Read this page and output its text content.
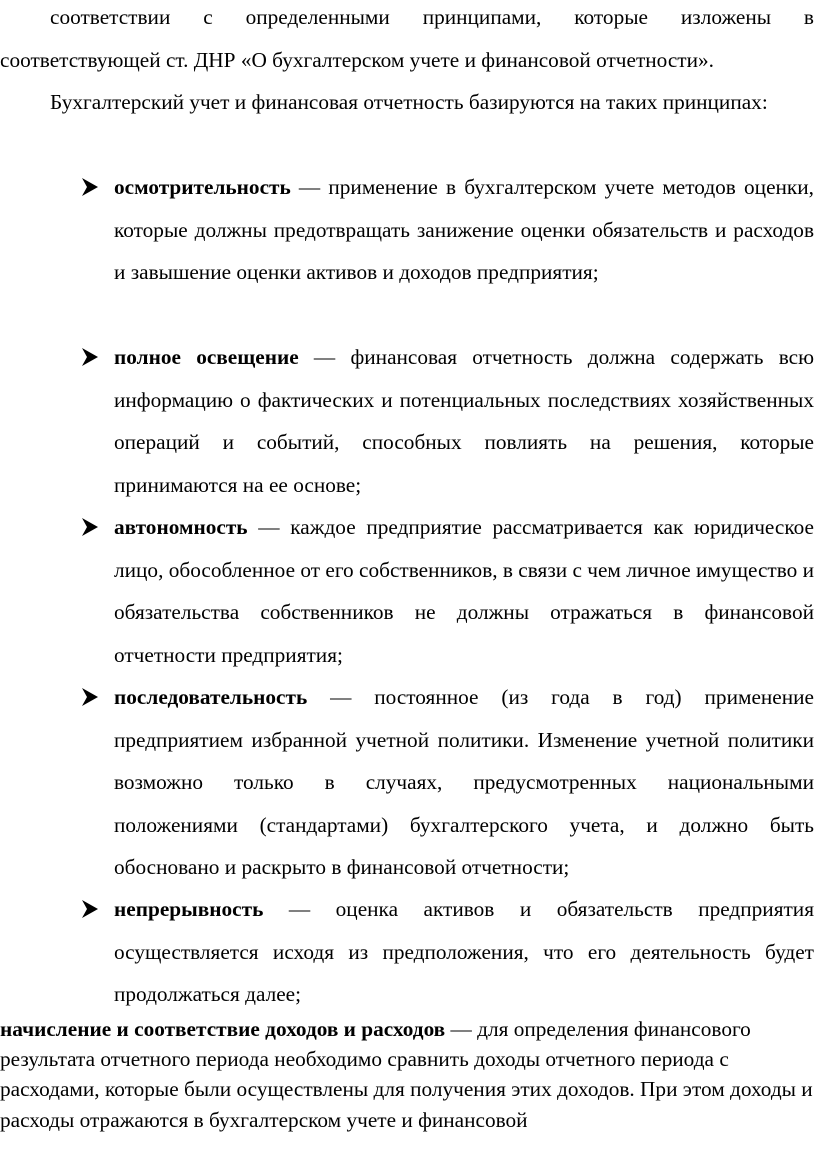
соответствии с определенными принципами, которые изложены в соответствующей ст. ДНР «О бухгалтерском учете и финансовой отчетности».

Бухгалтерский учет и финансовая отчетность базируются на таких принципах:

осмотрительность — применение в бухгалтерском учете методов оценки, которые должны предотвращать занижение оценки обязательств и расходов и завышение оценки активов и доходов предприятия;

полное освещение — финансовая отчетность должна содержать всю информацию о фактических и потенциальных последствиях хозяйственных операций и событий, способных повлиять на решения, которые принимаются на ее основе;

автономность — каждое предприятие рассматривается как юридическое лицо, обособленное от его собственников, в связи с чем личное имущество и обязательства собственников не должны отражаться в финансовой отчетности предприятия;

последовательность — постоянное (из года в год) применение предприятием избранной учетной политики. Изменение учетной политики возможно только в случаях, предусмотренных национальными положениями (стандартами) бухгалтерского учета, и должно быть обосновано и раскрыто в финансовой отчетности;

непрерывность — оценка активов и обязательств предприятия осуществляется исходя из предположения, что его деятельность будет продолжаться далее;

начисление и соответствие доходов и расходов — для определения финансового результата отчетного периода необходимо сравнить доходы отчетного периода с расходами, которые были осуществлены для получения этих доходов. При этом доходы и расходы отражаются в бухгалтерском учете и финансовой
